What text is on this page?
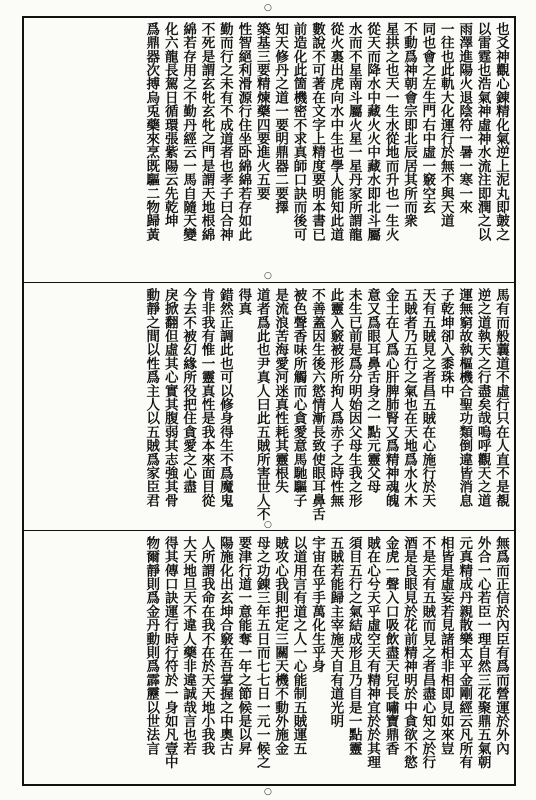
○
○
○
○
也爻神觀心錬精化氣逆上泥丸即皷之
以雷霆也浩氣神虛神水流注即潤之以
雨澤進陽火退陰符一暑一寒一來
一往也此軌大化運行於無不與天道
同也會之左生門右中虛一竅空玄
不動爲神朝會宗即北辰居其所而衆
星拱之也天一生水從地而升也一生火
從天而降水中藏火火中藏水即北斗屬
水而不星南斗屬火星一星丹家所謂龍
從火裏出虎向水中生也學人能知此道
數說不可著在文字上精度要明本書已
前造化此箇機密不求真師口訣而後可
知天修丹之道一要明鼎器二要擇
築基三要精煉藥四要進火五要
性智絕利滑源行住坐卧綿綿若存如此
勤而行之未有不成道者也孝子曰合神
不死是謂玄牝玄牝之門是謂天地根綿
綿若存用之不勤丹經云一馬自隨天變
化六龍長駕日循環張紫陽云先乾坤
爲鼎器次搏烏兎藥來烹既驅二物歸黃
馬有而般蘘道不虛行只在人直不是覩
逆之道執天之行盡矣哉嗚呼觀天之道
運無窮故執樞機合聖功類倒違皆消息
子乾坤卻入黍珠中
天有五賊見之者昌五賊在心施行於天
五賊者乃五行之氣也在天地爲水火木
金土在人爲心肝脾肺腎又爲精神魂魄
意又爲眼耳鼻舌身之一點元靈父母
未生已前是爲分明始因父母生我之形
此靈入竅被形所拘人爲赤子之時性無
不善蓋因生後六慾情漸長致使眼耳鼻舌
被色聲香味所觸而心貪愛意馬馳驅子
是流浪苦海愛河迷真性耗其靈根失
道者爲此也尹真人曰此五賊所害世人不得真
錯然正調此也可以修身得生不爲魔鬼
肯非我有惟一靈真性是我本來面目從
今去不被幻緣所役把住貪愛之心盡
戾掀翻但虛其心實其腹弱其志強其骨
動靜之間以性爲主人以五賊爲家臣君
無爲而正信於內臣有爲而營運於外內
外合一心若臣一理自然三花聚鼎五氣朝
元真精成丹親散樂太平金剛經云凡所有
相皆是虛妄若見諸相非相即見如來豈
不是天有五賊而見之者昌盡心知之於行
酒是良眼見於花前精神明於中貪欲不慾
金虎一聲入口吸飲盡天兒長嘯寶鼎香
賊在心兮天乎虛空天有精神宜於於其理
須目五行之氣結成形且乃自是一點靈
五賊若能歸主宰施天自有道光明
宇宙在乎手萬化生乎身
以道用言有道之人一心能制五賊運五
賊攻心我則把定三關天機不動外施金
母之功錬三年五日而七七日一元一候之
要津行道一意能奪一年之節候是以昇
陽施化出玄坤合竅在吾掌握之中奧古
人所謂我命在我不在於天天地小我我
大天地旦天不違人藥非違誠哉言也若
得其傳口訣運行時行符於一身如凡壹中
物爾靜則爲金丹動則爲霹靂以世法言
